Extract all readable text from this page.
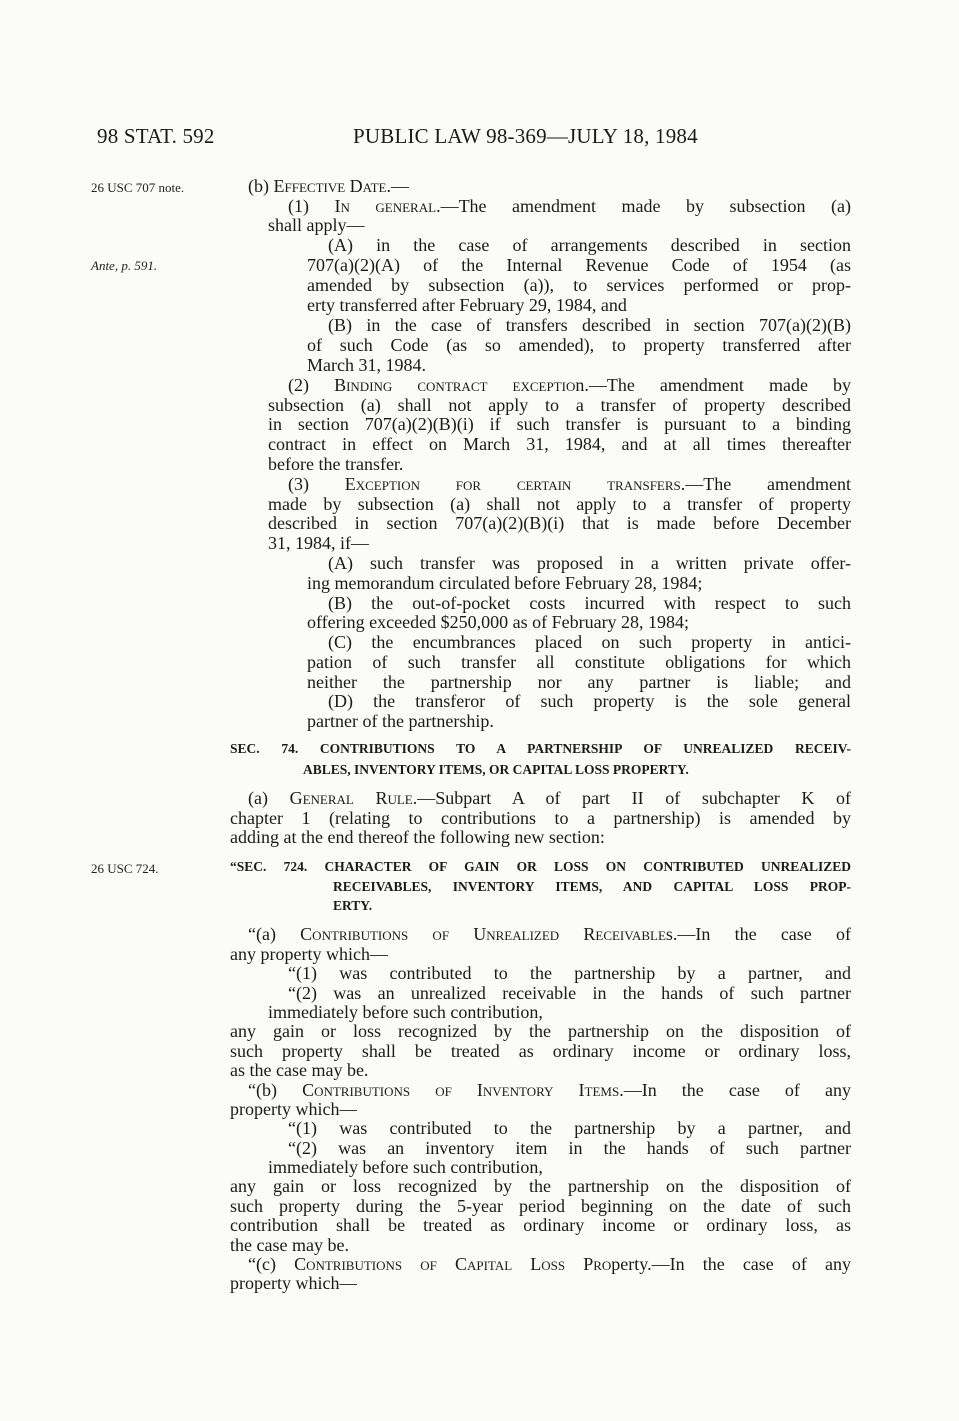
98 STAT. 592	PUBLIC LAW 98-369—JULY 18, 1984
26 USC 707 note.
Ante, p. 591.
26 USC 724.
(b) Effective Date.—
(1) In general.—The amendment made by subsection (a)
shall apply—
(A) in the case of arrangements described in section
707(a)(2)(A) of the Internal Revenue Code of 1954 (as
amended by subsection (a)), to services performed or prop-
erty transferred after February 29, 1984, and
(B) in the case of transfers described in section 707(a)(2)(B)
of such Code (as so amended), to property transferred after
March 31, 1984.
(2) Binding contract exception.—The amendment made by
subsection (a) shall not apply to a transfer of property described
in section 707(a)(2)(B)(i) if such transfer is pursuant to a binding
contract in effect on March 31, 1984, and at all times thereafter
before the transfer.
(3) Exception for certain transfers.—The amendment
made by subsection (a) shall not apply to a transfer of property
described in section 707(a)(2)(B)(i) that is made before December
31, 1984, if—
(A) such transfer was proposed in a written private offer-
ing memorandum circulated before February 28, 1984;
(B) the out-of-pocket costs incurred with respect to such
offering exceeded $250,000 as of February 28, 1984;
(C) the encumbrances placed on such property in antici-
pation of such transfer all constitute obligations for which
neither the partnership nor any partner is liable; and
(D) the transferor of such property is the sole general
partner of the partnership.
SEC. 74. CONTRIBUTIONS TO A PARTNERSHIP OF UNREALIZED RECEIV-
ABLES, INVENTORY ITEMS, OR CAPITAL LOSS PROPERTY.
(a) General Rule.—Subpart A of part II of subchapter K of
chapter 1 (relating to contributions to a partnership) is amended by
adding at the end thereof the following new section:
“SEC. 724. CHARACTER OF GAIN OR LOSS ON CONTRIBUTED UNREALIZED
RECEIVABLES, INVENTORY ITEMS, AND CAPITAL LOSS PROP-
ERTY.
“(a) Contributions of Unrealized Receivables.—In the case of
any property which—
“(1) was contributed to the partnership by a partner, and
“(2) was an unrealized receivable in the hands of such partner
immediately before such contribution,
any gain or loss recognized by the partnership on the disposition of
such property shall be treated as ordinary income or ordinary loss,
as the case may be.
“(b) Contributions of Inventory Items.—In the case of any
property which—
“(1) was contributed to the partnership by a partner, and
“(2) was an inventory item in the hands of such partner
immediately before such contribution,
any gain or loss recognized by the partnership on the disposition of
such property during the 5-year period beginning on the date of such
contribution shall be treated as ordinary income or ordinary loss, as
the case may be.
“(c) Contributions of Capital Loss Property.—In the case of any
property which—
